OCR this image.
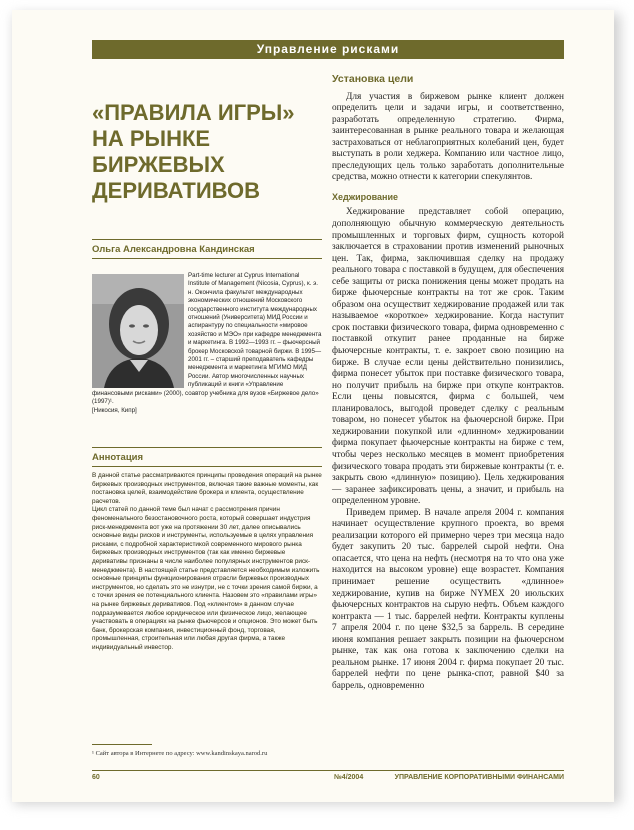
Управление рисками
«ПРАВИЛА ИГРЫ» НА РЫНКЕ БИРЖЕВЫХ ДЕРИВАТИВОВ
Ольга Александровна Кандинская
Part-time lecturer at Cyprus International Institute of Management (Nicosia, Cyprus), к. э. н. Окончила факультет международных экономических отношений Московского государственного института международных отношений (Университета) МИД России и аспирантуру по специальности «мировое хозяйство и МЭО» при кафедре менеджмента и маркетинга. В 1992—1993 гг. – фьючерсный брокер Московской товарной биржи. В 1995—2001 гг. – старший преподаватель кафедры менеджмента и маркетинга МГИМО МИД России. Автор многочисленных научных публикаций и книги «Управление финансовыми рисками» (2000), соавтор учебника для вузов «Биржевое дело» (1997)¹.
[Никосия, Кипр]
Аннотация

В данной статье рассматриваются принципы проведения операций на рынке биржевых производных инструментов, включая такие важные моменты, как постановка целей, взаимодействие брокера и клиента, осуществление расчетов.

Цикл статей по данной теме был начат с рассмотрения причин феноменального безостановочного роста, который совершает индустрия риск-менеджмента вот уже на протяжении 30 лет, далее описывались основные виды рисков и инструменты, используемые в целях управления рисками, с подробной характеристикой современного мирового рынка биржевых производных инструментов (так как именно биржевые деривативы признаны в числе наиболее популярных инструментов риск-менеджмента). В настоящей статье представляется необходимым изложить основные принципы функционирования отрасли биржевых производных инструментов, но сделать это не изнутри, не с точки зрения самой биржи, а с точки зрения ее потенциального клиента. Назовем это «правилами игры» на рынке биржевых деривативов. Под «клиентом» в данном случае подразумевается любое юридическое или физическое лицо, желающее участвовать в операциях на рынке фьючерсов и опционов. Это может быть банк, брокерская компания, инвестиционный фонд, торговая, промышленная, строительная или любая другая фирма, а также индивидуальный инвестор.

¹ Сайт автора в Интернете по адресу: www.kandinskaya.narod.ru

Установка цели

Для участия в биржевом рынке клиент должен определить цели и задачи игры, и соответственно, разработать определенную стратегию. Фирма, заинтересованная в рынке реального товара и желающая застраховаться от неблагоприятных колебаний цен, будет выступать в роли хеджера. Компанию или частное лицо, преследующих цель только заработать дополнительные средства, можно отнести к категории спекулянтов.

Хеджирование

Хеджирование представляет собой операцию, дополняющую обычную коммерческую деятельность промышленных и торговых фирм, сущность которой заключается в страховании против изменений рыночных цен. Так, фирма, заключившая сделку на продажу реального товара с поставкой в будущем, для обеспечения себе защиты от риска понижения цены может продать на бирже фьючерсные контракты на тот же срок. Таким образом она осуществит хеджирование продажей или так называемое «короткое» хеджирование. Когда наступит срок поставки физического товара, фирма одновременно с поставкой откупит ранее проданные на бирже фьючерсные контракты, т. е. закроет свою позицию на бирже. В случае если цены действительно понизились, фирма понесет убыток при поставке физического товара, но получит прибыль на бирже при откупе контрактов. Если цены повысятся, фирма с большей, чем планировалось, выгодой проведет сделку с реальным товаром, но понесет убыток на фьючерсной бирже. При хеджировании покупкой или «длинном» хеджировании фирма покупает фьючерсные контракты на бирже с тем, чтобы через несколько месяцев в момент приобретения физического товара продать эти биржевые контракты (т. е. закрыть свою «длинную» позицию). Цель хеджирования — заранее зафиксировать цены, а значит, и прибыль на определенном уровне.

Приведем пример. В начале апреля 2004 г. компания начинает осуществление крупного проекта, во время реализации которого ей примерно через три месяца надо будет закупить 20 тыс. баррелей сырой нефти. Она опасается, что цена на нефть (несмотря на то что она уже находится на высоком уровне) еще возрастет. Компания принимает решение осуществить «длинное» хеджирование, купив на бирже NYMEX 20 июльских фьючерсных контрактов на сырую нефть. Объем каждого контракта — 1 тыс. баррелей нефти. Контракты куплены 7 апреля 2004 г. по цене $32,5 за баррель. В середине июня компания решает закрыть позиции на фьючерсном рынке, так как она готова к заключению сделки на реальном рынке. 17 июня 2004 г. фирма покупает 20 тыс. баррелей нефти по цене рынка-спот, равной $40 за баррель, одновременно

60	№4/2004	УПРАВЛЕНИЕ КОРПОРАТИВНЫМИ ФИНАНСАМИ
